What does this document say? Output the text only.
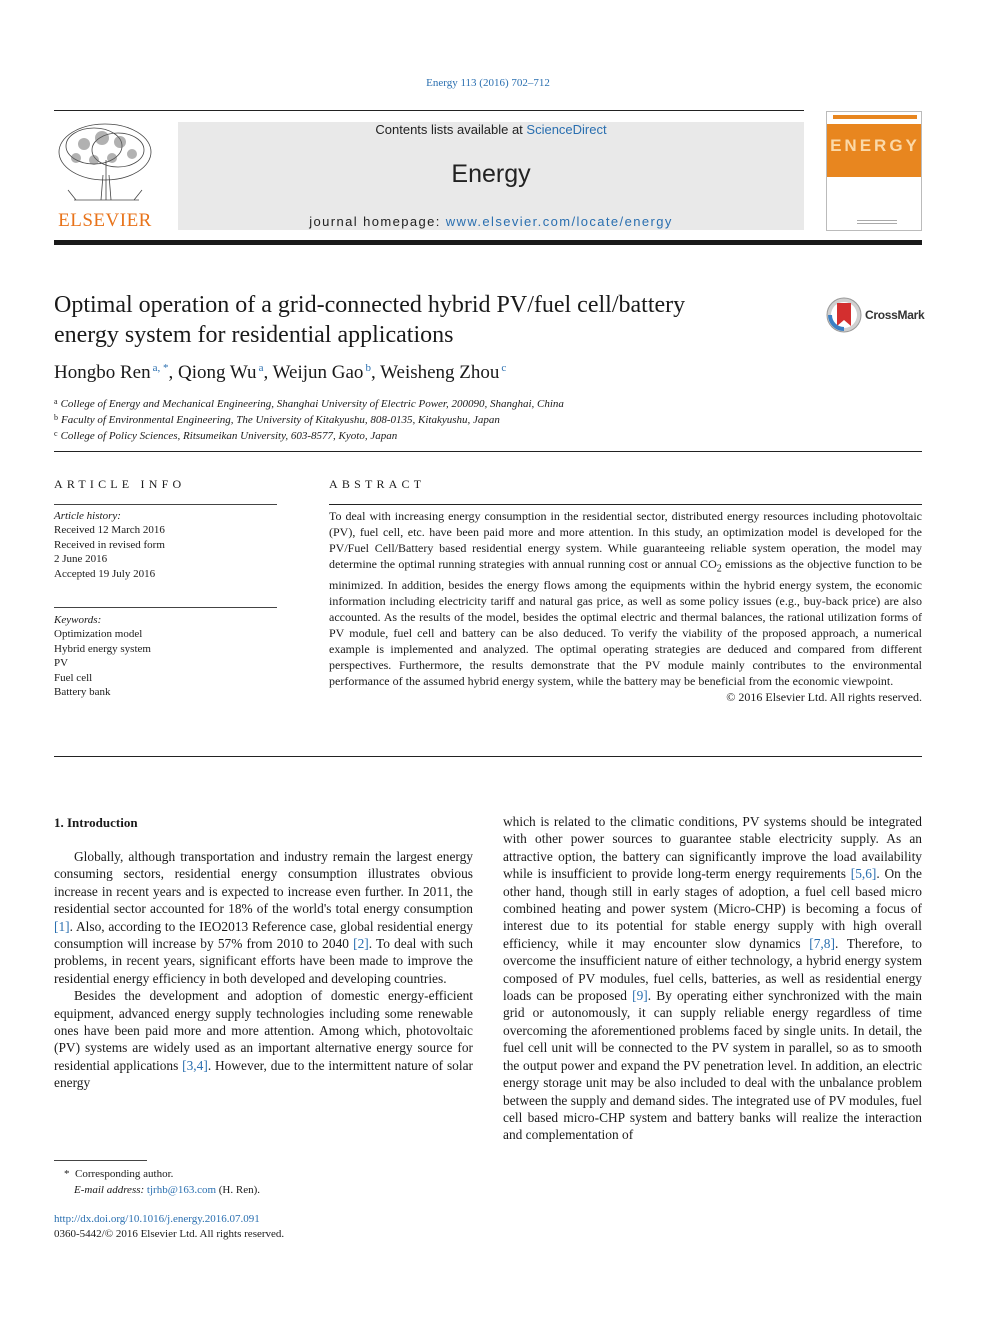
Energy 113 (2016) 702–712
ELSEVIER
Contents lists available at ScienceDirect
Energy
journal homepage: www.elsevier.com/locate/energy
ENERGY
Optimal operation of a grid-connected hybrid PV/fuel cell/battery
energy system for residential applications
CrossMark
Hongbo Ren $^{a, *}$, Qiong Wu $^a$, Weijun Gao $^b$, Weisheng Zhou $^c$
$^a$ College of Energy and Mechanical Engineering, Shanghai University of Electric Power, 200090, Shanghai, China
$^b$ Faculty of Environmental Engineering, The University of Kitakyushu, 808-0135, Kitakyushu, Japan
$^c$ College of Policy Sciences, Ritsumeikan University, 603-8577, Kyoto, Japan
ARTICLE INFO
Article history:
Received 12 March 2016
Received in revised form
2 June 2016
Accepted 19 July 2016
Keywords:
Optimization model
Hybrid energy system
PV
Fuel cell
Battery bank
ABSTRACT
To deal with increasing energy consumption in the residential sector, distributed energy resources including photovoltaic (PV), fuel cell, etc. have been paid more and more attention. In this study, an optimization model is developed for the PV/Fuel Cell/Battery based residential energy system. While guaranteeing reliable system operation, the model may determine the optimal running strategies with annual running cost or annual $CO_2$ emissions as the objective function to be minimized. In addition, besides the energy flows among the equipments within the hybrid energy system, the economic information including electricity tariff and natural gas price, as well as some policy issues (e.g., buy-back price) are also accounted. As the results of the model, besides the optimal electric and thermal balances, the rational utilization forms of PV module, fuel cell and battery can be also deduced. To verify the viability of the proposed approach, a numerical example is implemented and analyzed. The optimal operating strategies are deduced and compared from different perspectives. Furthermore, the results demonstrate that the PV module mainly contributes to the environmental performance of the assumed hybrid energy system, while the battery may be beneficial from the economic viewpoint.
© 2016 Elsevier Ltd. All rights reserved.
1. Introduction

Globally, although transportation and industry remain the largest energy consuming sectors, residential energy consumption illustrates obvious increase in recent years and is expected to increase even further. In 2011, the residential sector accounted for 18% of the world's total energy consumption [1]. Also, according to the IEO2013 Reference case, global residential energy consumption will increase by 57% from 2010 to 2040 [2]. To deal with such problems, in recent years, significant efforts have been made to improve the residential energy efficiency in both developed and developing countries.

Besides the development and adoption of domestic energy-efficient equipment, advanced energy supply technologies including some renewable ones have been paid more and more attention. Among which, photovoltaic (PV) systems are widely used as an important alternative energy source for residential applications [3,4]. However, due to the intermittent nature of solar energy

which is related to the climatic conditions, PV systems should be integrated with other power sources to guarantee stable electricity supply. As an attractive option, the battery can significantly improve the load availability while is insufficient to provide long-term energy requirements [5,6]. On the other hand, though still in early stages of adoption, a fuel cell based micro combined heating and power system (Micro-CHP) is becoming a focus of interest due to its potential for stable energy supply with high overall efficiency, while it may encounter slow dynamics [7,8]. Therefore, to overcome the insufficient nature of either technology, a hybrid energy system composed of PV modules, fuel cells, batteries, as well as residential energy loads can be proposed [9]. By operating either synchronized with the main grid or autonomously, it can supply reliable energy regardless of time overcoming the aforementioned problems faced by single units. In detail, the fuel cell unit will be connected to the PV system in parallel, so as to smooth the output power and expand the PV penetration level. In addition, an electric energy storage unit may be also included to deal with the unbalance problem between the supply and demand sides. The integrated use of PV modules, fuel cell based micro-CHP system and battery banks will realize the interaction and complementation of

* Corresponding author.
E-mail address: tjrhb@163.com (H. Ren).
http://dx.doi.org/10.1016/j.energy.2016.07.091
0360-5442/© 2016 Elsevier Ltd. All rights reserved.
